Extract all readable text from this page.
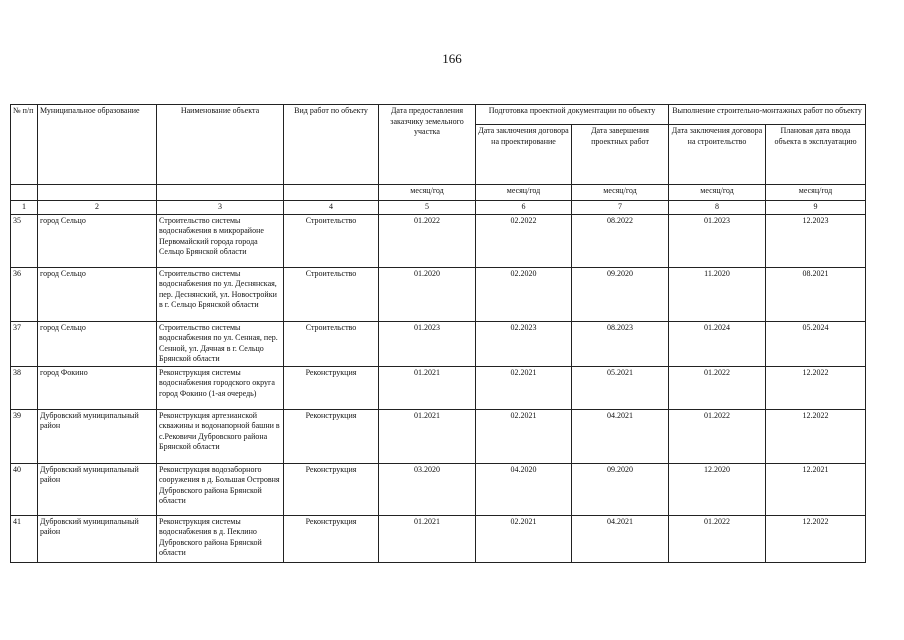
166
№ п/п	Муниципальное образование	Наименование объекта	Вид работ по объекту	Дата предоставления заказчику земельного участка	Подготовка проектной документации по объекту		Выполнение строительно-монтажных работ по объекту	
					Дата заключения договора на проектирование	Дата завершения проектных работ	Дата заключения договора на строительство	Плановая дата ввода объекта в эксплуатацию
				месяц/год	месяц/год	месяц/год	месяц/год	месяц/год
1	2	3	4	5	6	7	8	9
35	город Сельцо	Строительство системы водоснабжения в микрорайоне Первомайский города города Сельцо Брянской области	Строительство	01.2022	02.2022	08.2022	01.2023	12.2023
36	город Сельцо	Строительство системы водоснабжения по ул. Деснянская, пер. Деснянский, ул. Новостройки в г. Сельцо Брянской области	Строительство	01.2020	02.2020	09.2020	11.2020	08.2021
37	город Сельцо	Строительство системы водоснабжения по ул. Сенная, пер. Сенной, ул. Дачная в г. Сельцо Брянской области	Строительство	01.2023	02.2023	08.2023	01.2024	05.2024
38	город Фокино	Реконструкция системы водоснабжения городского округа город Фокино (1-ая очередь)	Реконструкция	01.2021	02.2021	05.2021	01.2022	12.2022
39	Дубровский муниципальный район	Реконструкция артезианской скважины и водонапорной башни в с.Рековичи Дубровского района Брянской области	Реконструкция	01.2021	02.2021	04.2021	01.2022	12.2022
40	Дубровский муниципальный район	Реконструкция водозаборного сооружения в д. Большая Островня Дубровского района Брянской области	Реконструкция	03.2020	04.2020	09.2020	12.2020	12.2021
41	Дубровский муниципальный район	Реконструкция системы водоснабжения в д. Пеклино Дубровского района Брянской области	Реконструкция	01.2021	02.2021	04.2021	01.2022	12.2022
